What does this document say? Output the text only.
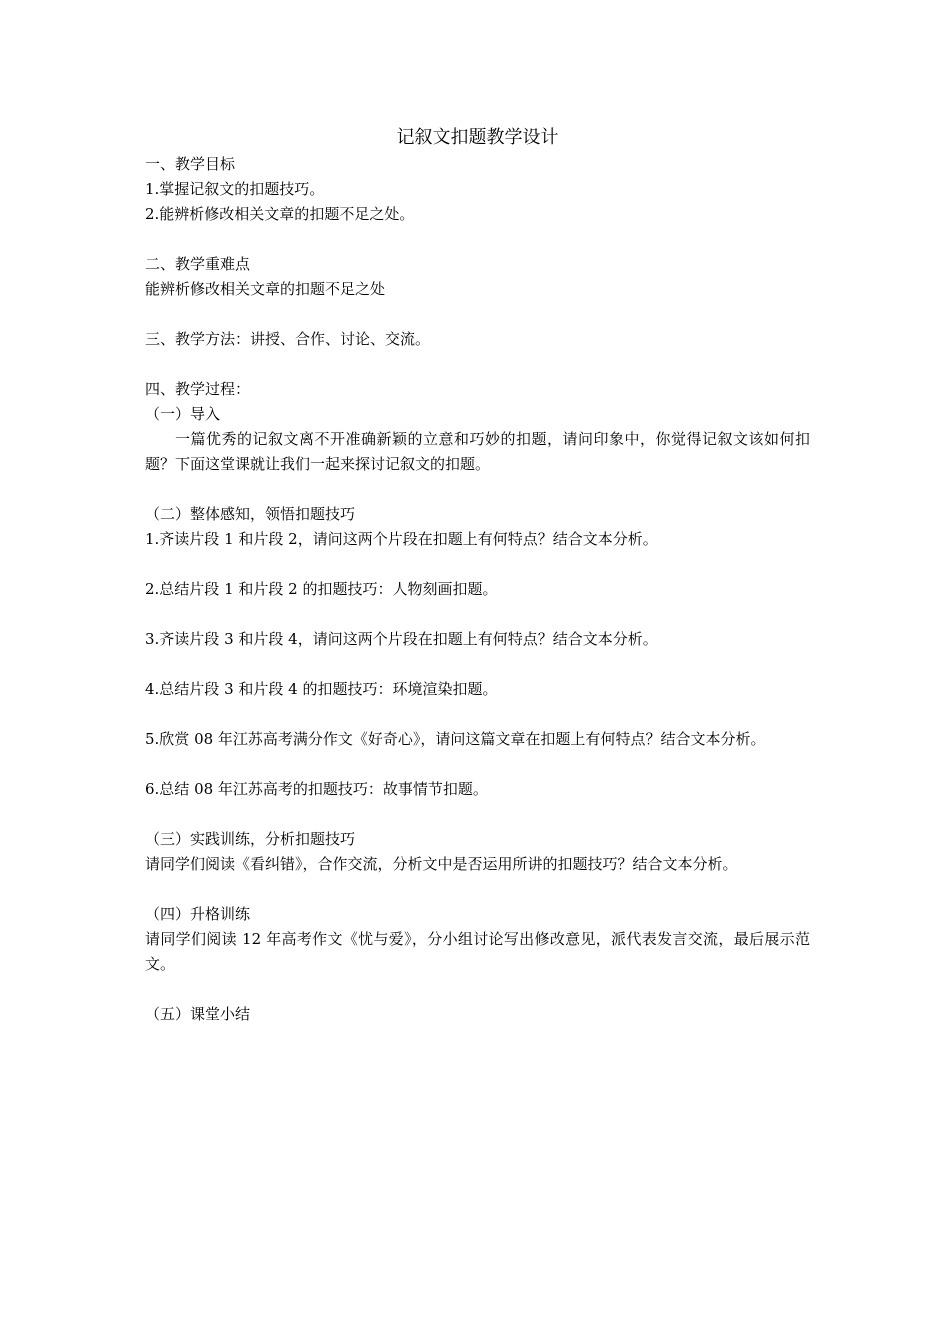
记叙文扣题教学设计

一、教学目标

1.掌握记叙文的扣题技巧。

2.能辨析修改相关文章的扣题不足之处。

二、教学重难点

能辨析修改相关文章的扣题不足之处

三、教学方法：讲授、合作、讨论、交流。

四、教学过程：

（一）导入

一篇优秀的记叙文离不开准确新颖的立意和巧妙的扣题，请问印象中，你觉得记叙文该如何扣题？下面这堂课就让我们一起来探讨记叙文的扣题。

（二）整体感知，领悟扣题技巧

1.齐读片段 1 和片段 2，请问这两个片段在扣题上有何特点？结合文本分析。

2.总结片段 1 和片段 2 的扣题技巧：人物刻画扣题。

3.齐读片段 3 和片段 4，请问这两个片段在扣题上有何特点？结合文本分析。

4.总结片段 3 和片段 4 的扣题技巧：环境渲染扣题。

5.欣赏 08 年江苏高考满分作文《好奇心》，请问这篇文章在扣题上有何特点？结合文本分析。

6.总结 08 年江苏高考的扣题技巧：故事情节扣题。

（三）实践训练，分析扣题技巧

请同学们阅读《看纠错》，合作交流，分析文中是否运用所讲的扣题技巧？结合文本分析。

（四）升格训练

请同学们阅读 12 年高考作文《忧与爱》，分小组讨论写出修改意见，派代表发言交流，最后展示范文。

（五）课堂小结
